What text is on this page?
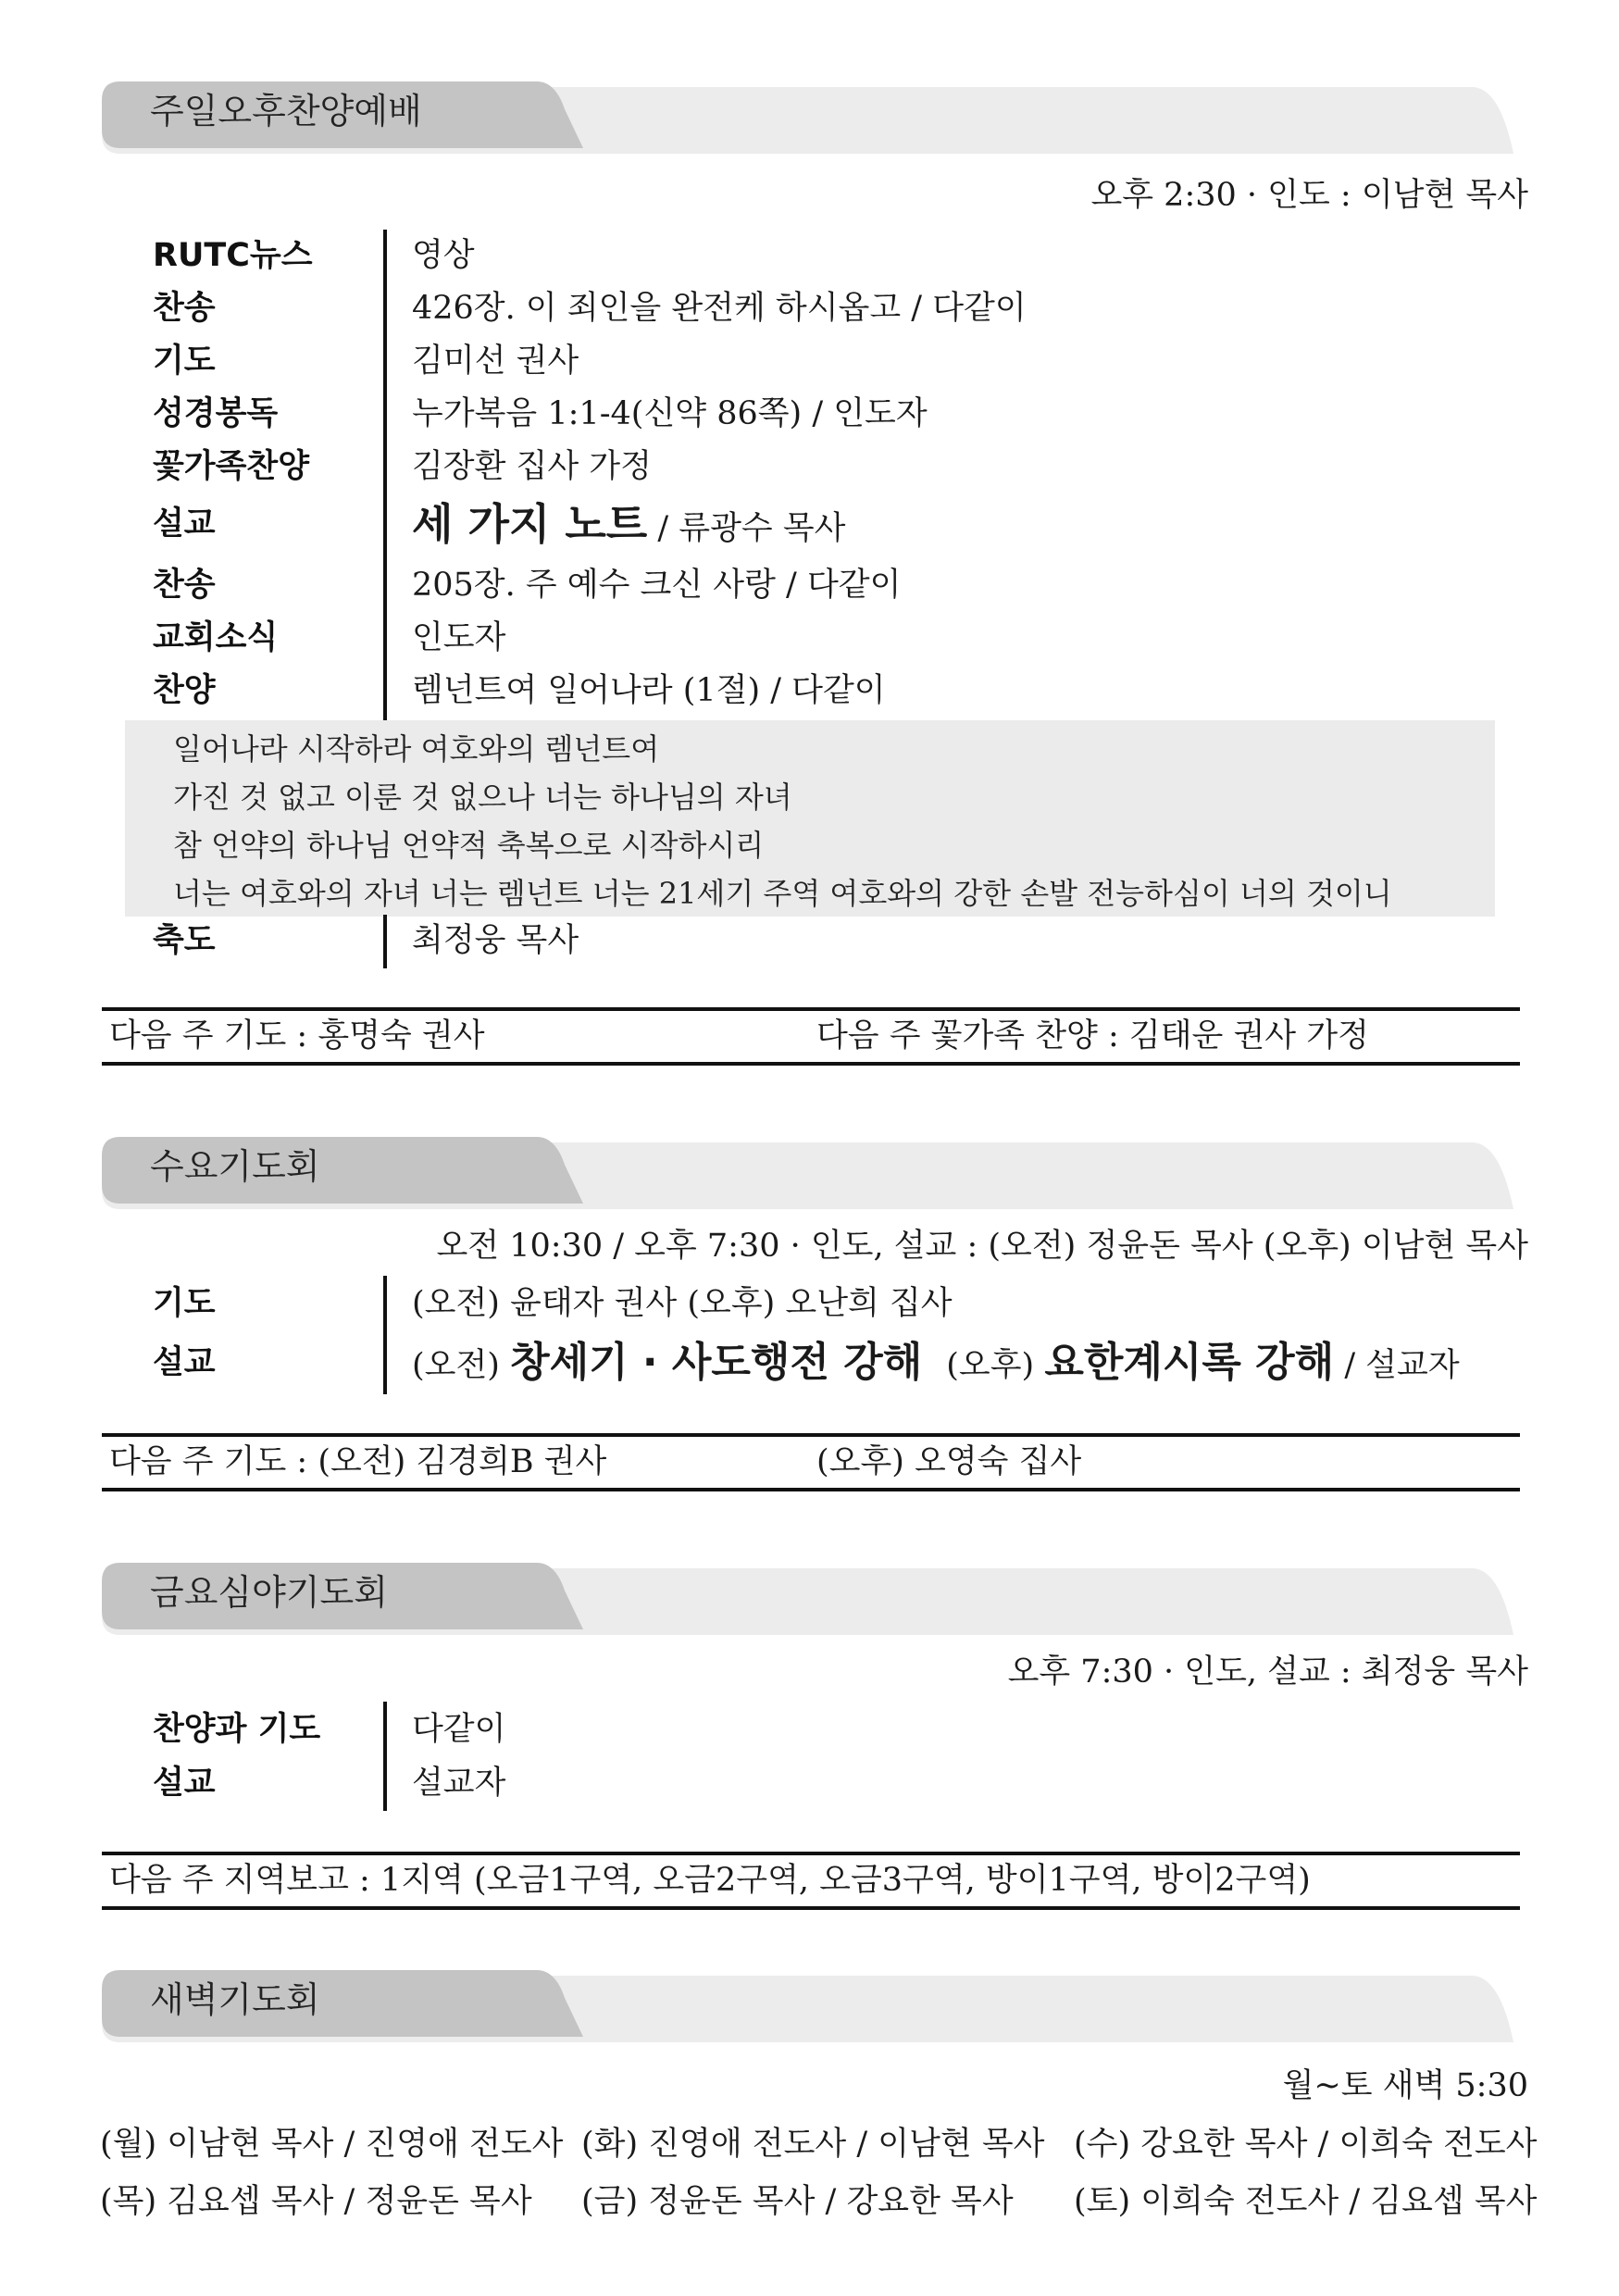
주일오후찬양예배
오후 2:30 · 인도 : 이남현 목사
RUTC뉴스	영상
찬송	426장. 이 죄인을 완전케 하시옵고 / 다같이
기도	김미선 권사
성경봉독	누가복음 1:1-4(신약 86쪽) / 인도자
꽃가족찬양	김장환 집사 가정
설교	세 가지 노트 / 류광수 목사
찬송	205장. 주 예수 크신 사랑 / 다같이
교회소식	인도자
찬양	렘넌트여 일어나라 (1절) / 다같이
일어나라 시작하라 여호와의 렘넌트여
가진 것 없고 이룬 것 없으나 너는 하나님의 자녀
참 언약의 하나님 언약적 축복으로 시작하시리
너는 여호와의 자녀 너는 렘넌트 너는 21세기 주역 여호와의 강한 손발 전능하심이 너의 것이니
축도	최정웅 목사
다음 주 기도 : 홍명숙 권사	다음 주 꽃가족 찬양 : 김태운 권사 가정
수요기도회
오전 10:30 / 오후 7:30 · 인도, 설교 : (오전) 정윤돈 목사 (오후) 이남현 목사
기도	(오전) 윤태자 권사 (오후) 오난희 집사
설교	(오전) 창세기 · 사도행전 강해 (오후) 요한계시록 강해 / 설교자
다음 주 기도 : (오전) 김경희B 권사	(오후) 오영숙 집사
금요심야기도회
오후 7:30 · 인도, 설교 : 최정웅 목사
찬양과 기도	다같이
설교	설교자
다음 주 지역보고 : 1지역 (오금1구역, 오금2구역, 오금3구역, 방이1구역, 방이2구역)
새벽기도회
월~토 새벽 5:30
(월) 이남현 목사 / 진영애 전도사 (화) 진영애 전도사 / 이남현 목사 (수) 강요한 목사 / 이희숙 전도사
(목) 김요셉 목사 / 정윤돈 목사 (금) 정윤돈 목사 / 강요한 목사 (토) 이희숙 전도사 / 김요셉 목사
